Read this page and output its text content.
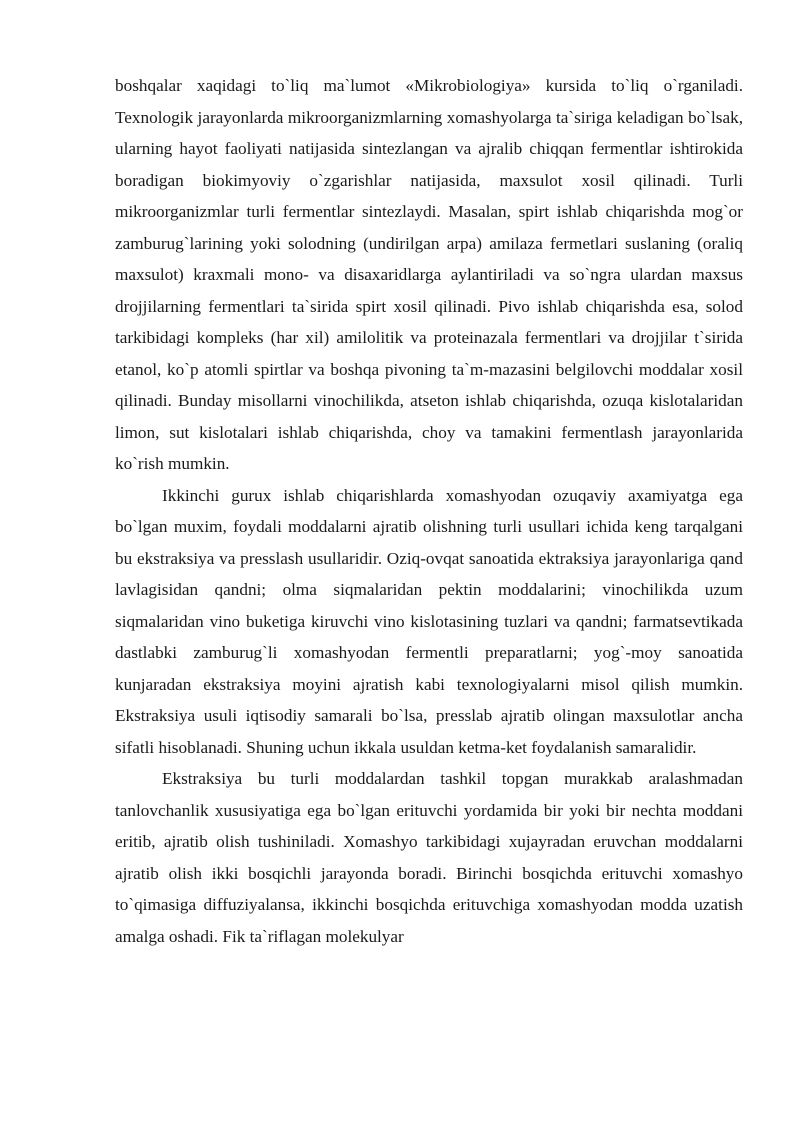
boshqalar xaqidagi to`liq ma`lumot «Mikrobiologiya» kursida to`liq o`rganiladi. Texnologik jarayonlarda mikroorganizmlarning xomashyolarga ta`siriga keladigan bo`lsak, ularning hayot faoliyati natijasida sintezlangan va ajralib chiqqan fermentlar ishtirokida boradigan biokimyoviy o`zgarishlar natijasida, maxsulot xosil qilinadi. Turli mikroorganizmlar turli fermentlar sintezlaydi. Masalan, spirt ishlab chiqarishda mog`or zamburug`larining yoki solodning (undirilgan arpa) amilaza fermetlari suslaning (oraliq maxsulot) kraxmali mono- va disaxaridlarga aylantiriladi va so`ngra ulardan maxsus drojjilarning fermentlari ta`sirida spirt xosil qilinadi. Pivo ishlab chiqarishda esa, solod tarkibidagi kompleks (har xil) amilolitik va proteinazala fermentlari va drojjilar t`sirida etanol, ko`p atomli spirtlar va boshqa pivoning ta`m-mazasini belgilovchi moddalar xosil qilinadi. Bunday misollarni vinochilikda, atseton ishlab chiqarishda, ozuqa kislotalaridan limon, sut kislotalari ishlab chiqarishda, choy va tamakini fermentlash jarayonlarida ko`rish mumkin.

Ikkinchi gurux ishlab chiqarishlarda xomashyodan ozuqaviy axamiyatga ega bo`lgan muxim, foydali moddalarni ajratib olishning turli usullari ichida keng tarqalgani bu ekstraksiya va presslash usullaridir. Oziq-ovqat sanoatida ektraksiya jarayonlariga qand lavlagisidan qandni; olma siqmalaridan pektin moddalarini; vinochilikda uzum siqmalaridan vino buketiga kiruvchi vino kislotasining tuzlari va qandni; farmatsevtikada dastlabki zamburug`li xomashyodan fermentli preparatlarni; yog`-moy sanoatida kunjaradan ekstraksiya moyini ajratish kabi texnologiyalarni misol qilish mumkin. Ekstraksiya usuli iqtisodiy samarali bo`lsa, presslab ajratib olingan maxsulotlar ancha sifatli hisoblanadi. Shuning uchun ikkala usuldan ketma-ket foydalanish samaralidir.

Ekstraksiya bu turli moddalardan tashkil topgan murakkab aralashmadan tanlovchanlik xususiyatiga ega bo`lgan erituvchi yordamida bir yoki bir nechta moddani eritib, ajratib olish tushiniladi. Xomashyo tarkibidagi xujayradan eruvchan moddalarni ajratib olish ikki bosqichli jarayonda boradi. Birinchi bosqichda erituvchi xomashyo to`qimasiga diffuziyalansa, ikkinchi bosqichda erituvchiga xomashyodan modda uzatish amalga oshadi. Fik ta`riflagan molekulyar
